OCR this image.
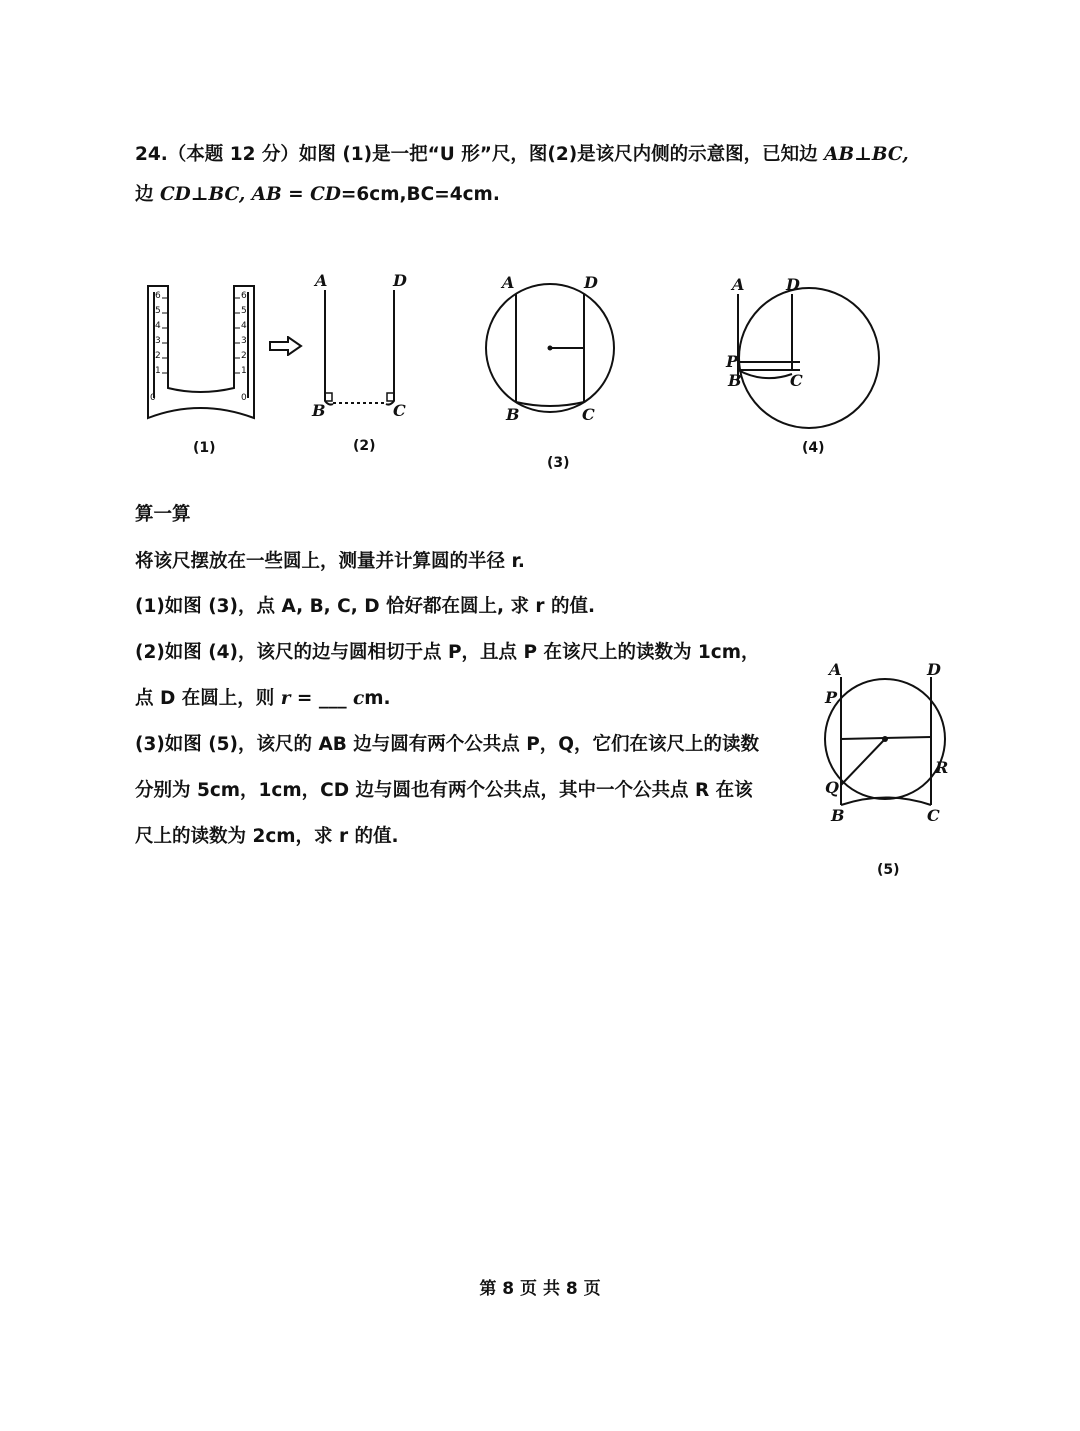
24.（本题 12 分）如图 (1)是一把“U 形”尺，图(2)是该尺内侧的示意图，已知边 AB⊥BC,
边 CD⊥BC, AB = CD=6cm,BC=4cm.
6
5
4
3
2
1
0
6
5
4
3
2
1
0
(1)
A	D
B	C
(2)
A	D
B	C
(3)
A	D
P
B	C
(4)
算一算
将该尺摆放在一些圆上，测量并计算圆的半径 r.
(1)如图 (3)，点 A, B, C, D 恰好都在圆上, 求 r 的值.
(2)如图 (4)，该尺的边与圆相切于点 P，且点 P 在该尺上的读数为 1cm，
点 D 在圆上，则 r = ___ cm.
(3)如图 (5)，该尺的 AB 边与圆有两个公共点 P，Q，它们在该尺上的读数
分别为 5cm，1cm，CD 边与圆也有两个公共点，其中一个公共点 R 在该
尺上的读数为 2cm，求 r 的值.
A	D
P
Q
R
B	C
(5)
第 8 页 共 8 页
